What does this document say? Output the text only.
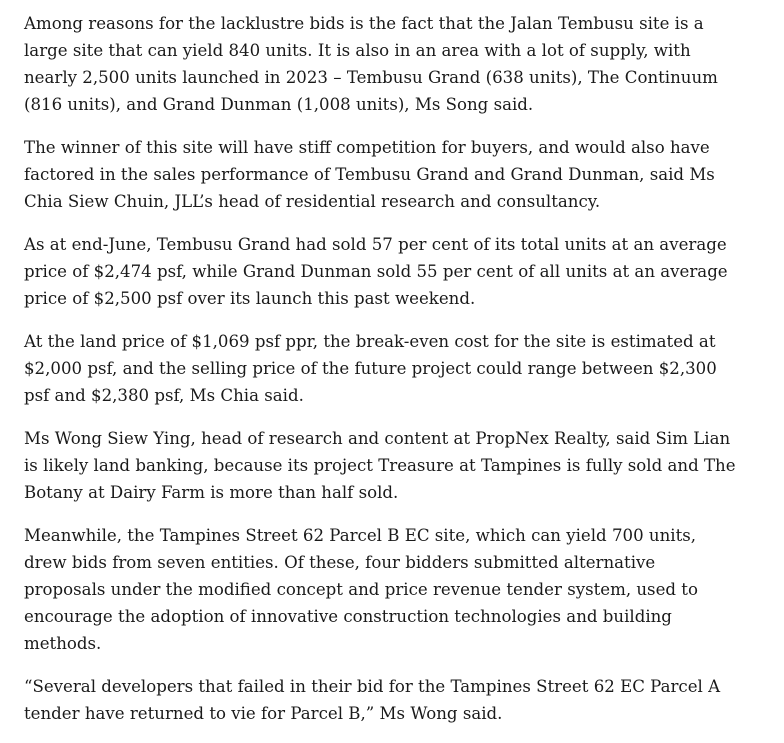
Among reasons for the lacklustre bids is the fact that the Jalan Tembusu site is a
large site that can yield 840 units. It is also in an area with a lot of supply, with
nearly 2,500 units launched in 2023 – Tembusu Grand (638 units), The Continuum
(816 units), and Grand Dunman (1,008 units), Ms Song said.

The winner of this site will have stiff competition for buyers, and would also have
factored in the sales performance of Tembusu Grand and Grand Dunman, said Ms
Chia Siew Chuin, JLL’s head of residential research and consultancy.

As at end-June, Tembusu Grand had sold 57 per cent of its total units at an average
price of $2,474 psf, while Grand Dunman sold 55 per cent of all units at an average
price of $2,500 psf over its launch this past weekend.

At the land price of $1,069 psf ppr, the break-even cost for the site is estimated at
$2,000 psf, and the selling price of the future project could range between $2,300
psf and $2,380 psf, Ms Chia said.

Ms Wong Siew Ying, head of research and content at PropNex Realty, said Sim Lian
is likely land banking, because its project Treasure at Tampines is fully sold and The
Botany at Dairy Farm is more than half sold.

Meanwhile, the Tampines Street 62 Parcel B EC site, which can yield 700 units,
drew bids from seven entities. Of these, four bidders submitted alternative
proposals under the modified concept and price revenue tender system, used to
encourage the adoption of innovative construction technologies and building
methods.

“Several developers that failed in their bid for the Tampines Street 62 EC Parcel A
tender have returned to vie for Parcel B,” Ms Wong said.
